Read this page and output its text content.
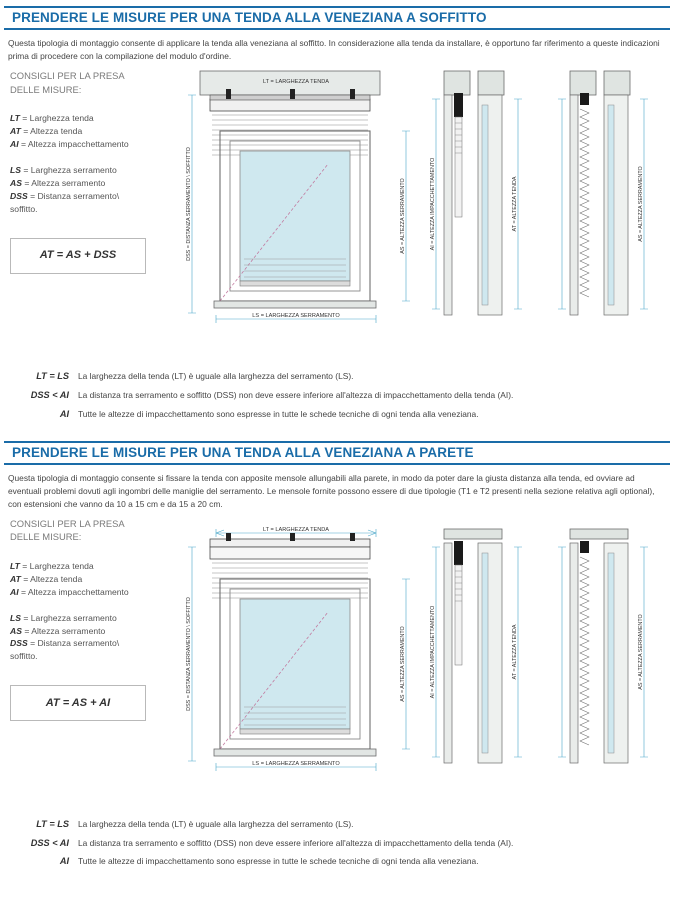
PRENDERE LE MISURE PER UNA TENDA ALLA VENEZIANA A SOFFITTO
Questa tipologia di montaggio consente di applicare la tenda alla veneziana al soffitto. In considerazione alla tenda da installare, è opportuno far riferimento a queste indicazioni prima di procedere con la compilazione del modulo d'ordine.
CONSIGLI PER LA PRESA
DELLE MISURE:
LT = Larghezza tenda
AT = Altezza tenda
AI = Altezza impacchettamento
LS = Larghezza serramento
AS = Altezza serramento
DSS = Distanza serramento\
soffitto.
AT = AS + DSS
LT = LARGHEZZA TENDA
LS = LARGHEZZA SERRAMENTO
DSS = DISTANZA SERRAMENTO \ SOFFITTO	AS = ALTEZZA SERRAMENTO	AI = ALTEZZA IMPACCHETTAMENTO	AT = ALTEZZA TENDA	AS = ALTEZZA SERRAMENTO
LT = LS	La larghezza della tenda (LT) è uguale alla larghezza del serramento (LS).
DSS < AI	La distanza tra serramento e soffitto (DSS) non deve essere inferiore all'altezza di impacchettamento della tenda (AI).
AI	Tutte le altezze di impacchettamento sono espresse in tutte le schede tecniche di ogni tenda alla veneziana.
PRENDERE LE MISURE PER UNA TENDA ALLA VENEZIANA A PARETE
Questa tipologia di montaggio consente si fissare la tenda con apposite mensole allungabili alla parete, in modo da poter dare la giusta distanza alla tenda, ed ovviare ad eventuali problemi dovuti agli ingombri delle maniglie del serramento. Le mensole fornite possono essere di due tipologie (T1 e T2 presenti nella sezione relativa agli optional), con estensioni che vanno da 10 a 15 cm e da 15 a 20 cm.
CONSIGLI PER LA PRESA
DELLE MISURE:
LT = Larghezza tenda
AT = Altezza tenda
AI = Altezza impacchettamento
LS = Larghezza serramento
AS = Altezza serramento
DSS = Distanza serramento\
soffitto.
AT = AS + AI
LT = LARGHEZZA TENDA
LS = LARGHEZZA SERRAMENTO
DSS = DISTANZA SERRAMENTO \ SOFFITTO	AS = ALTEZZA SERRAMENTO	AI = ALTEZZA IMPACCHETTAMENTO	AT = ALTEZZA TENDA	AS = ALTEZZA SERRAMENTO
LT = LS	La larghezza della tenda (LT) è uguale alla larghezza del serramento (LS).
DSS < AI	La distanza tra serramento e soffitto (DSS) non deve essere inferiore all'altezza di impacchettamento della tenda (AI).
AI	Tutte le altezze di impacchettamento sono espresse in tutte le schede tecniche di ogni tenda alla veneziana.
